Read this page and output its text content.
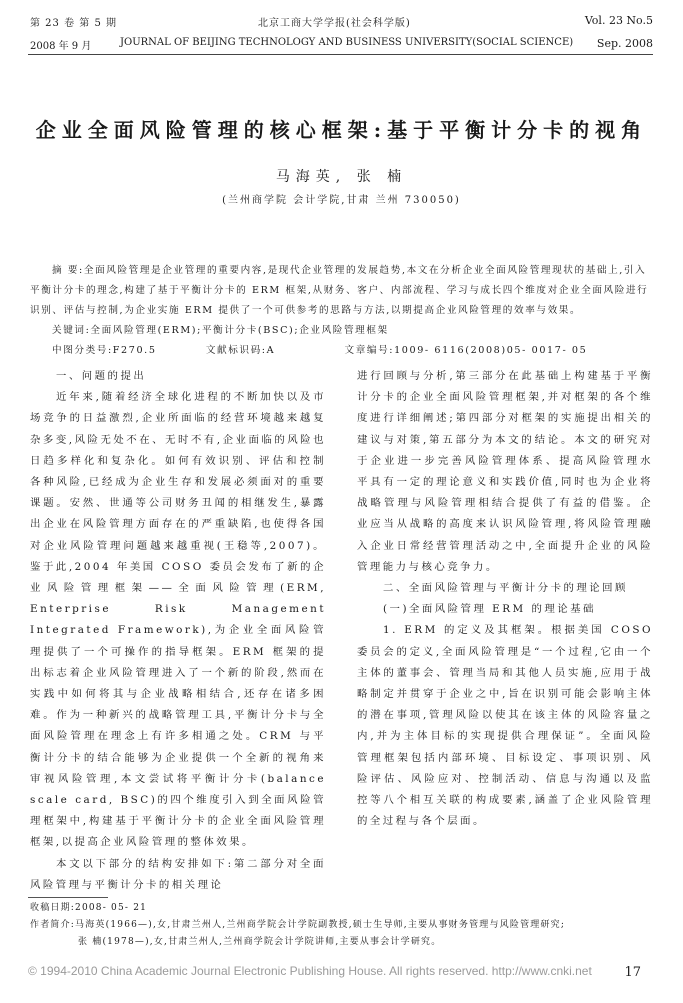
第 23 卷 第 5 期	北京工商大学学报(社会科学版)	Vol. 23 No.5
2008 年 9 月	JOURNAL OF BEIJING TECHNOLOGY AND BUSINESS UNIVERSITY(SOCIAL SCIENCE) Sep. 2008
企业全面风险管理的核心框架:基于平衡计分卡的视角
马海英, 张 楠
(兰州商学院 会计学院,甘肃 兰州 730050)

摘 要:全面风险管理是企业管理的重要内容,是现代企业管理的发展趋势,本文在分析企业全面风险管理现状的基础上,引入平衡计分卡的理念,构建了基于平衡计分卡的 ERM 框架,从财务、客户、内部流程、学习与成长四个维度对企业全面风险进行识别、评估与控制,为企业实施 ERM 提供了一个可供参考的思路与方法,以期提高企业风险管理的效率与效果。

关键词:全面风险管理(ERM);平衡计分卡(BSC);企业风险管理框架

中图分类号:F270.5	文献标识码:A	文章编号:1009- 6116(2008)05- 0017- 05

一、问题的提出

近年来,随着经济全球化进程的不断加快以及市场竞争的日益激烈,企业所面临的经营环境越来越复杂多变,风险无处不在、无时不有,企业面临的风险也日趋多样化和复杂化。如何有效识别、评估和控制各种风险,已经成为企业生存和发展必须面对的重要课题。安然、世通等公司财务丑闻的相继发生,暴露出企业在风险管理方面存在的严重缺陷,也使得各国对企业风险管理问题越来越重视(王稳等,2007)。鉴于此,2004 年美国 COSO 委员会发布了新的企业风险管理框架——全面风险管理(ERM, Enterprise Risk Management Integrated Framework),为企业全面风险管理提供了一个可操作的指导框架。ERM 框架的提出标志着企业风险管理进入了一个新的阶段,然而在实践中如何将其与企业战略相结合,还存在诸多困难。作为一种新兴的战略管理工具,平衡计分卡与全面风险管理在理念上有许多相通之处。CRM 与平衡计分卡的结合能够为企业提供一个全新的视角来审视风险管理,本文尝试将平衡计分卡(balance scale card, BSC)的四个维度引入到全面风险管理框架中,构建基于平衡计分卡的企业全面风险管理框架,以提高企业风险管理的整体效果。

本文以下部分的结构安排如下:第二部分对全面风险管理与平衡计分卡的相关理论

进行回顾与分析,第三部分在此基础上构建基于平衡计分卡的企业全面风险管理框架,并对框架的各个维度进行详细阐述;第四部分对框架的实施提出相关的建议与对策,第五部分为本文的结论。本文的研究对于企业进一步完善风险管理体系、提高风险管理水平具有一定的理论意义和实践价值,同时也为企业将战略管理与风险管理相结合提供了有益的借鉴。企业应当从战略的高度来认识风险管理,将风险管理融入企业日常经营管理活动之中,全面提升企业的风险管理能力与核心竞争力。

二、全面风险管理与平衡计分卡的理论回顾

(一)全面风险管理 ERM 的理论基础

1. ERM 的定义及其框架。根据美国 COSO 委员会的定义,全面风险管理是“一个过程,它由一个主体的董事会、管理当局和其他人员实施,应用于战略制定并贯穿于企业之中,旨在识别可能会影响主体的潜在事项,管理风险以使其在该主体的风险容量之内,并为主体目标的实现提供合理保证”。全面风险管理框架包括内部环境、目标设定、事项识别、风险评估、风险应对、控制活动、信息与沟通以及监控等八个相互关联的构成要素,涵盖了企业风险管理的全过程与各个层面。

收稿日期:2008- 05- 21

作者简介:马海英(1966—),女,甘肃兰州人,兰州商学院会计学院副教授,硕士生导师,主要从事财务管理与风险管理研究;

张 楠(1978—),女,甘肃兰州人,兰州商学院会计学院讲师,主要从事会计学研究。

© 1994-2010 China Academic Journal Electronic Publishing House. All rights reserved. http://www.cnki.net	17
